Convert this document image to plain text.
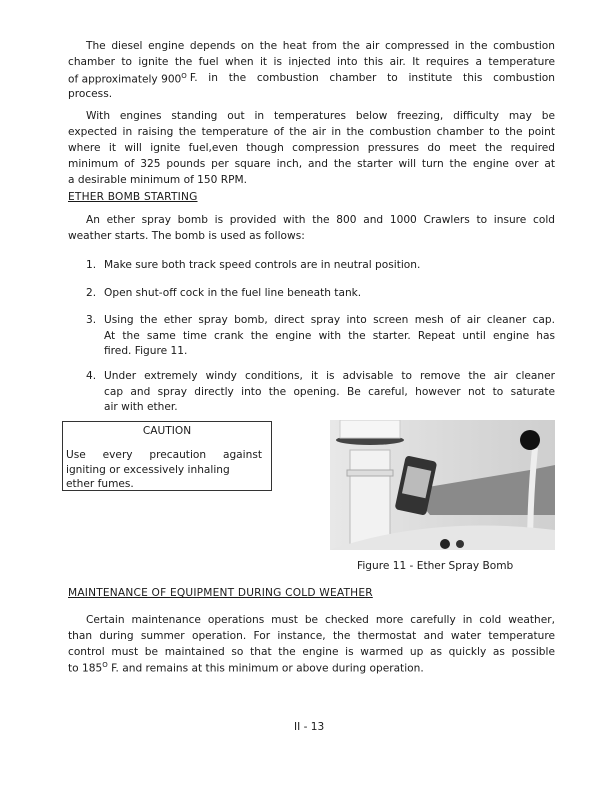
The diesel engine depends on the heat from the air compressed in the combustion
chamber to ignite the fuel when it is injected into this air. It requires a temperature
of approximately $900^O$ F. in the combustion chamber to institute this combustion
process.
With engines standing out in temperatures below freezing, difficulty may be
expected in raising the temperature of the air in the combustion chamber to the point
where it will ignite fuel,even though compression pressures do meet the required
minimum of 325 pounds per square inch, and the starter will turn the engine over at
a desirable minimum of 150 RPM.
ETHER BOMB STARTING
An ether spray bomb is provided with the 800 and 1000 Crawlers to insure cold
weather starts. The bomb is used as follows:
1. Make sure both track speed controls are in neutral position.
2. Open shut-off cock in the fuel line beneath tank.
3. Using the ether spray bomb, direct spray into screen mesh of air cleaner cap.
At the same time crank the engine with the starter. Repeat until engine has
fired. Figure 11.
4. Under extremely windy conditions, it is advisable to remove the air cleaner
cap and spray directly into the opening. Be careful, however not to saturate
air with ether.
CAUTION
Use every precaution against
igniting or excessively inhaling
ether fumes.
Figure 11 - Ether Spray Bomb
MAINTENANCE OF EQUIPMENT DURING COLD WEATHER
Certain maintenance operations must be checked more carefully in cold weather,
than during summer operation. For instance, the thermostat and water temperature
control must be maintained so that the engine is warmed up as quickly as possible
to $185^O$ F. and remains at this minimum or above during operation.
II - 13
